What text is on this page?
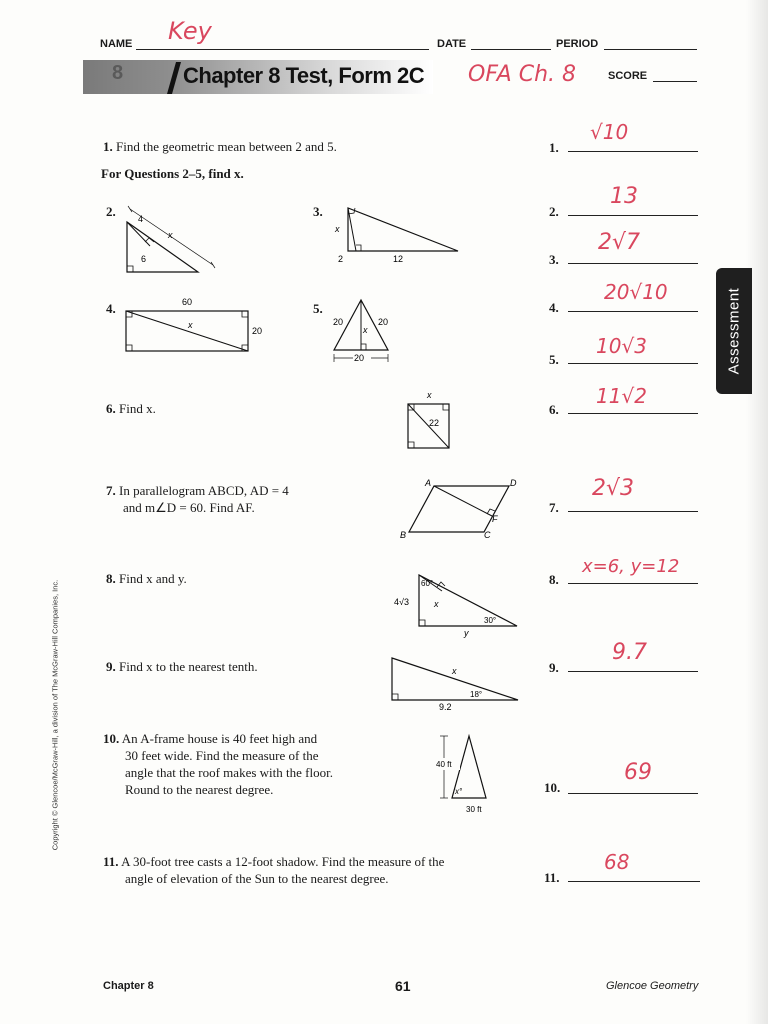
NAME Key	DATE	PERIOD
8	Chapter 8 Test, Form 2C OFA Ch. 8	SCORE
Assessment
Copyright © Glencoe/McGraw-Hill, a division of The McGraw-Hill Companies, Inc.
1. Find the geometric mean between 2 and 5.
For Questions 2–5, find x.
2.	3.
4.	5.
4
x
6
x
2	12
60
x
20
20
x
20
20
6. Find x.
x
22
7. In parallelogram ABCD, AD = 4
and m∠D = 60. Find AF.
A	D
F
B	C
8. Find x and y.	60°
4√3	x
30°
y
9. Find x to the nearest tenth.	x
18°
9.2
10. An A-frame house is 40 feet high and
30 feet wide. Find the measure of the
angle that the roof makes with the floor.
Round to the nearest degree.
40 ft
x°
30 ft
11. A 30-foot tree casts a 12-foot shadow. Find the measure of the
angle of elevation of the Sun to the nearest degree.
1.
√10
2.
13
3.
2√7
4.
20√10
5.
10√3
6.
11√2
7.
2√3
8.
x=6, y=12
9.
9.7
10.
69
11.
68
Chapter 8	61	Glencoe Geometry
